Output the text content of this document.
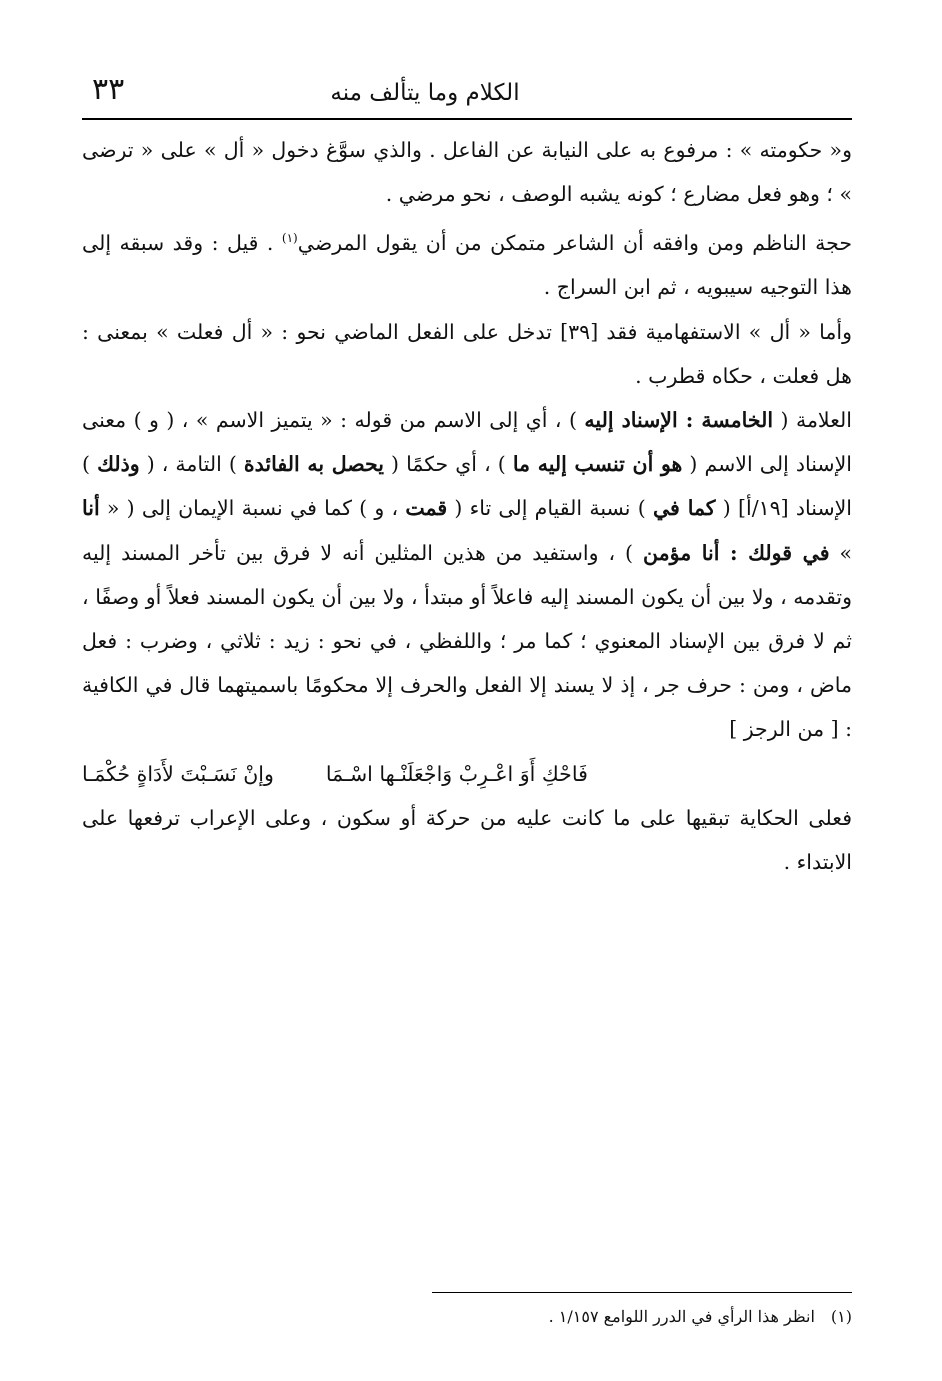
الكلام وما يتألف منه
٣٣

و« حكومته » : مرفوع به على النيابة عن الفاعل . والذي سوَّغ دخول « أل » على « ترضى » ؛ وهو فعل مضارع ؛ كونه يشبه الوصف ، نحو مرضي .

حجة الناظم ومن وافقه أن الشاعر متمكن من أن يقول المرضي$^{(١)}$ . قيل : وقد سبقه إلى هذا التوجيه سيبويه ، ثم ابن السراج .

وأما « أل » الاستفهامية فقد [٣٩] تدخل على الفعل الماضي نحو : « أل فعلت » بمعنى : هل فعلت ، حكاه قطرب .

العلامة ( الخامسة : الإسناد إليه ) ، أي إلى الاسم من قوله : « يتميز الاسم » ، ( و ) معنى الإسناد إلى الاسم ( هو أن تنسب إليه ما ) ، أي حكمًا ( يحصل به الفائدة ) التامة ، ( وذلك ) الإسناد [١٩/أ] ( كما في ) نسبة القيام إلى تاء ( قمت ، و ) كما في نسبة الإيمان إلى ( « أنا » في قولك : أنا مؤمن ) ، واستفيد من هذين المثلين أنه لا فرق بين تأخر المسند إليه وتقدمه ، ولا بين أن يكون المسند إليه فاعلاً أو مبتدأ ، ولا بين أن يكون المسند فعلاً أو وصفًا ، ثم لا فرق بين الإسناد المعنوي ؛ كما مر ؛ واللفظي ، في نحو : زيد : ثلاثي ، وضرب : فعل ماض ، ومن : حرف جر ، إذ لا يسند إلا الفعل والحرف إلا محكومًا باسميتهما قال في الكافية : [ من الرجز ]

وإنْ نَسَـبْتَ لأَدَاةٍ حُكْمَـا	فَاحْكِ أَوَ اعْـرِبْ وَاجْعَلَنْـها اسْـمَا

فعلى الحكاية تبقيها على ما كانت عليه من حركة أو سكون ، وعلى الإعراب ترفعها على الابتداء .

(١)انظر هذا الرأي في الدرر اللوامع ١/١٥٧ .
